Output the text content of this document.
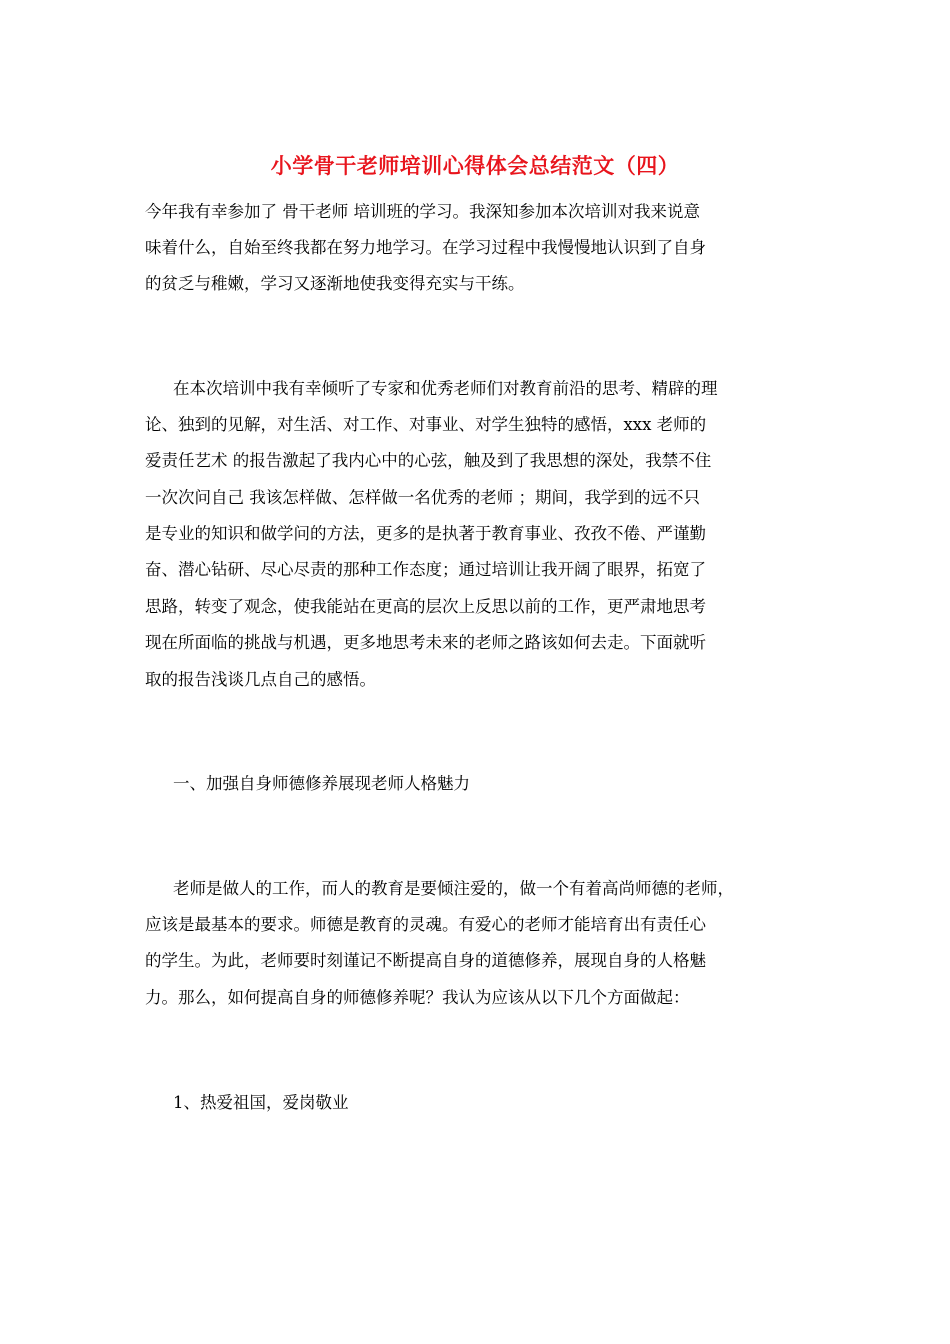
小学骨干老师培训心得体会总结范文（四）
今年我有幸参加了 骨干老师 培训班的学习。我深知参加本次培训对我来说意
味着什么，自始至终我都在努力地学习。在学习过程中我慢慢地认识到了自身
的贫乏与稚嫩，学习又逐渐地使我变得充实与干练。
在本次培训中我有幸倾听了专家和优秀老师们对教育前沿的思考、精辟的理
论、独到的见解，对生活、对工作、对事业、对学生独特的感悟，xxx 老师的
爱责任艺术 的报告激起了我内心中的心弦，触及到了我思想的深处，我禁不住
一次次问自己 我该怎样做、怎样做一名优秀的老师 ；期间，我学到的远不只
是专业的知识和做学问的方法，更多的是执著于教育事业、孜孜不倦、严谨勤
奋、潜心钻研、尽心尽责的那种工作态度；通过培训让我开阔了眼界，拓宽了
思路，转变了观念，使我能站在更高的层次上反思以前的工作，更严肃地思考
现在所面临的挑战与机遇，更多地思考未来的老师之路该如何去走。下面就听
取的报告浅谈几点自己的感悟。
一、加强自身师德修养展现老师人格魅力
老师是做人的工作，而人的教育是要倾注爱的，做一个有着高尚师德的老师，
应该是最基本的要求。师德是教育的灵魂。有爱心的老师才能培育出有责任心
的学生。为此，老师要时刻谨记不断提高自身的道德修养，展现自身的人格魅
力。那么，如何提高自身的师德修养呢？我认为应该从以下几个方面做起：
1、热爱祖国，爱岗敬业
